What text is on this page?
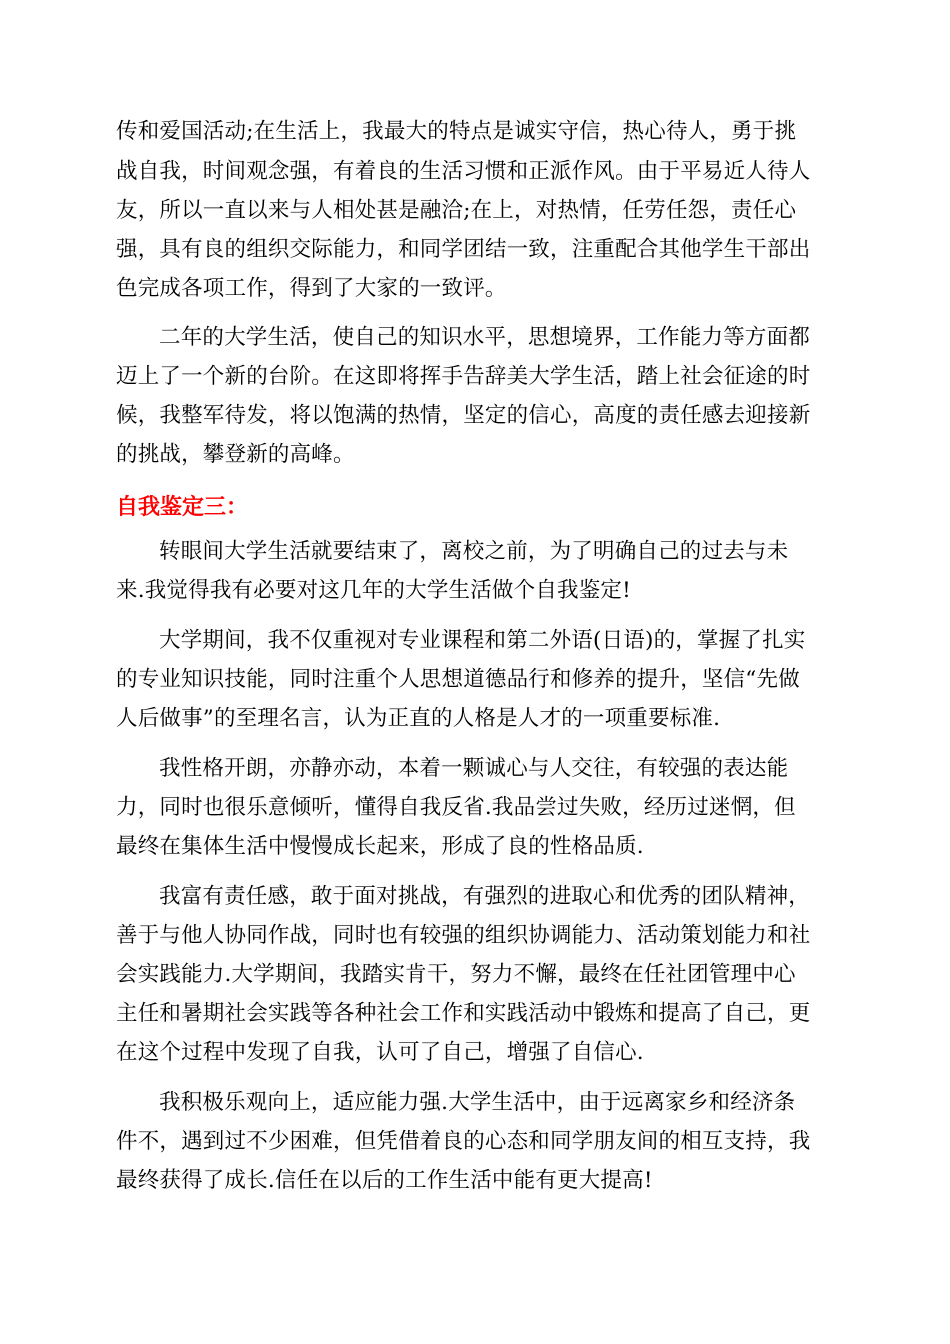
传和爱国活动;在生活上，我最大的特点是诚实守信，热心待人，勇于挑
战自我，时间观念强，有着良的生活习惯和正派作风。由于平易近人待人
友，所以一直以来与人相处甚是融洽;在上，对热情，任劳任怨，责任心
强，具有良的组织交际能力，和同学团结一致，注重配合其他学生干部出
色完成各项工作，得到了大家的一致评。
二年的大学生活，使自己的知识水平，思想境界，工作能力等方面都
迈上了一个新的台阶。在这即将挥手告辞美大学生活，踏上社会征途的时
候，我整军待发，将以饱满的热情，坚定的信心，高度的责任感去迎接新
的挑战，攀登新的高峰。
自我鉴定三：
转眼间大学生活就要结束了，离校之前，为了明确自己的过去与未
来.我觉得我有必要对这几年的大学生活做个自我鉴定!
大学期间，我不仅重视对专业课程和第二外语(日语)的，掌握了扎实
的专业知识技能，同时注重个人思想道德品行和修养的提升，坚信“先做
人后做事”的至理名言，认为正直的人格是人才的一项重要标准.
我性格开朗，亦静亦动，本着一颗诚心与人交往，有较强的表达能
力，同时也很乐意倾听，懂得自我反省.我品尝过失败，经历过迷惘，但
最终在集体生活中慢慢成长起来，形成了良的性格品质.
我富有责任感，敢于面对挑战，有强烈的进取心和优秀的团队精神，
善于与他人协同作战，同时也有较强的组织协调能力、活动策划能力和社
会实践能力.大学期间，我踏实肯干，努力不懈，最终在任社团管理中心
主任和暑期社会实践等各种社会工作和实践活动中锻炼和提高了自己，更
在这个过程中发现了自我，认可了自己，增强了自信心.
我积极乐观向上，适应能力强.大学生活中，由于远离家乡和经济条
件不，遇到过不少困难，但凭借着良的心态和同学朋友间的相互支持，我
最终获得了成长.信任在以后的工作生活中能有更大提高!
